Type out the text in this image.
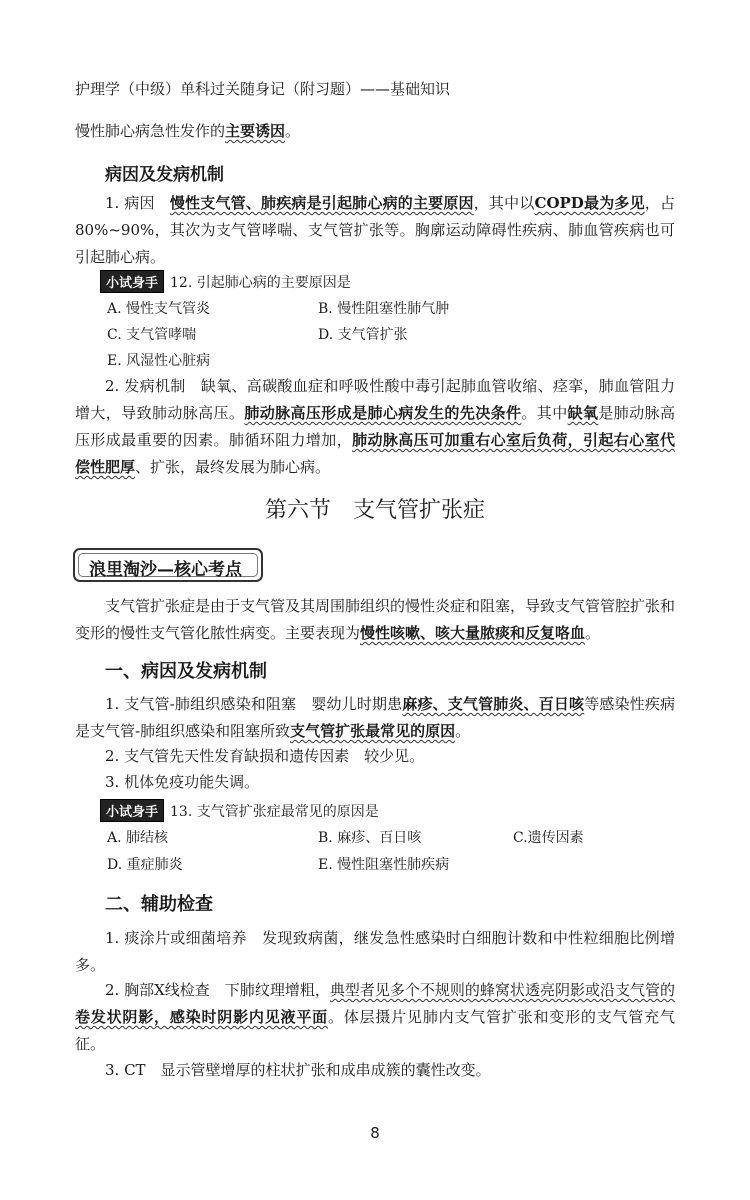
护理学（中级）单科过关随身记（附习题）——基础知识
慢性肺心病急性发作的主要诱因。
病因及发病机制
1. 病因　慢性支气管、肺疾病是引起肺心病的主要原因，其中以COPD最为多见，占80%~90%，其次为支气管哮喘、支气管扩张等。胸廓运动障碍性疾病、肺血管疾病也可引起肺心病。
小试身手 12. 引起肺心病的主要原因是
A. 慢性支气管炎	B. 慢性阻塞性肺气肿
C. 支气管哮喘	D. 支气管扩张
E. 风湿性心脏病
2. 发病机制　缺氧、高碳酸血症和呼吸性酸中毒引起肺血管收缩、痉挛，肺血管阻力增大，导致肺动脉高压。肺动脉高压形成是肺心病发生的先决条件。其中缺氧是肺动脉高压形成最重要的因素。肺循环阻力增加，肺动脉高压可加重右心室后负荷，引起右心室代偿性肥厚、扩张，最终发展为肺心病。
第六节　支气管扩张症
浪里淘沙—核心考点
支气管扩张症是由于支气管及其周围肺组织的慢性炎症和阻塞，导致支气管管腔扩张和变形的慢性支气管化脓性病变。主要表现为慢性咳嗽、咳大量脓痰和反复咯血。
一、病因及发病机制
1. 支气管-肺组织感染和阻塞　婴幼儿时期患麻疹、支气管肺炎、百日咳等感染性疾病是支气管-肺组织感染和阻塞所致支气管扩张最常见的原因。
2. 支气管先天性发育缺损和遗传因素　较少见。
3. 机体免疫功能失调。
小试身手 13. 支气管扩张症最常见的原因是
A. 肺结核	B. 麻疹、百日咳	C.遗传因素
D. 重症肺炎	E. 慢性阻塞性肺疾病
二、辅助检查
1. 痰涂片或细菌培养　发现致病菌，继发急性感染时白细胞计数和中性粒细胞比例增多。
2. 胸部X线检查　下肺纹理增粗，典型者见多个不规则的蜂窝状透亮阴影或沿支气管的卷发状阴影，感染时阴影内见液平面。体层摄片见肺内支气管扩张和变形的支气管充气征。
3. CT　显示管壁增厚的柱状扩张和成串成簇的囊性改变。
8
